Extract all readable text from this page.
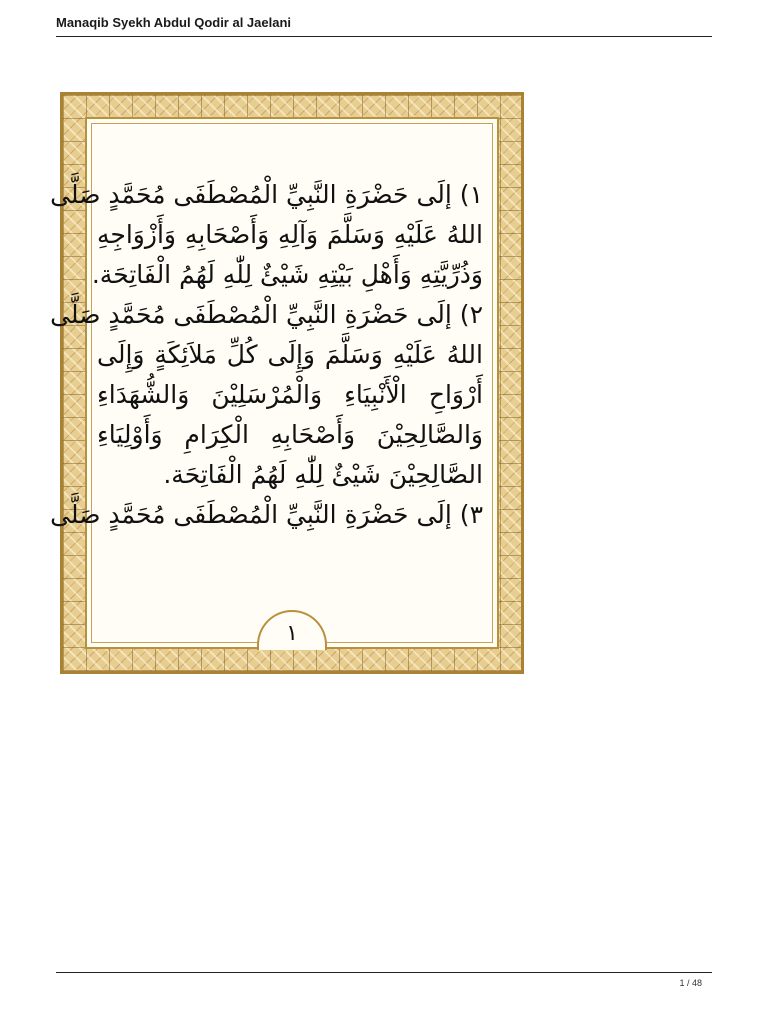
Manaqib Syekh Abdul Qodir al Jaelani
١) إلَى حَضْرَةِ النَّبِيِّ الْمُصْطَفَى مُحَمَّدٍ صَلَّى
اللهُ عَلَيْهِ وَسَلَّمَ وَآلِهِ وَأَصْحَابِهِ وَأَزْوَاجِهِ
وَذُرِّيَّتِهِ وَأَهْلِ بَيْتِهِ شَيْئٌ لِلّٰهِ لَهُمُ الْفَاتِحَة.
٢) إلَى حَضْرَةِ النَّبِيِّ الْمُصْطَفَى مُحَمَّدٍ صَلَّى
اللهُ عَلَيْهِ وَسَلَّمَ وَإِلَى كُلِّ مَلاَئِكَةٍ وَإِلَى
أَرْوَاحِ الْأَنْبِيَاءِ وَالْمُرْسَلِيْنَ وَالشُّهَدَاءِ
وَالصَّالِحِيْنَ وَأَصْحَابِهِ الْكِرَامِ وَأَوْلِيَاءِ
الصَّالِحِيْنَ شَيْئٌ لِلّٰهِ لَهُمُ الْفَاتِحَة.
٣) إلَى حَضْرَةِ النَّبِيِّ الْمُصْطَفَى مُحَمَّدٍ صَلَّى
١
1 / 48
